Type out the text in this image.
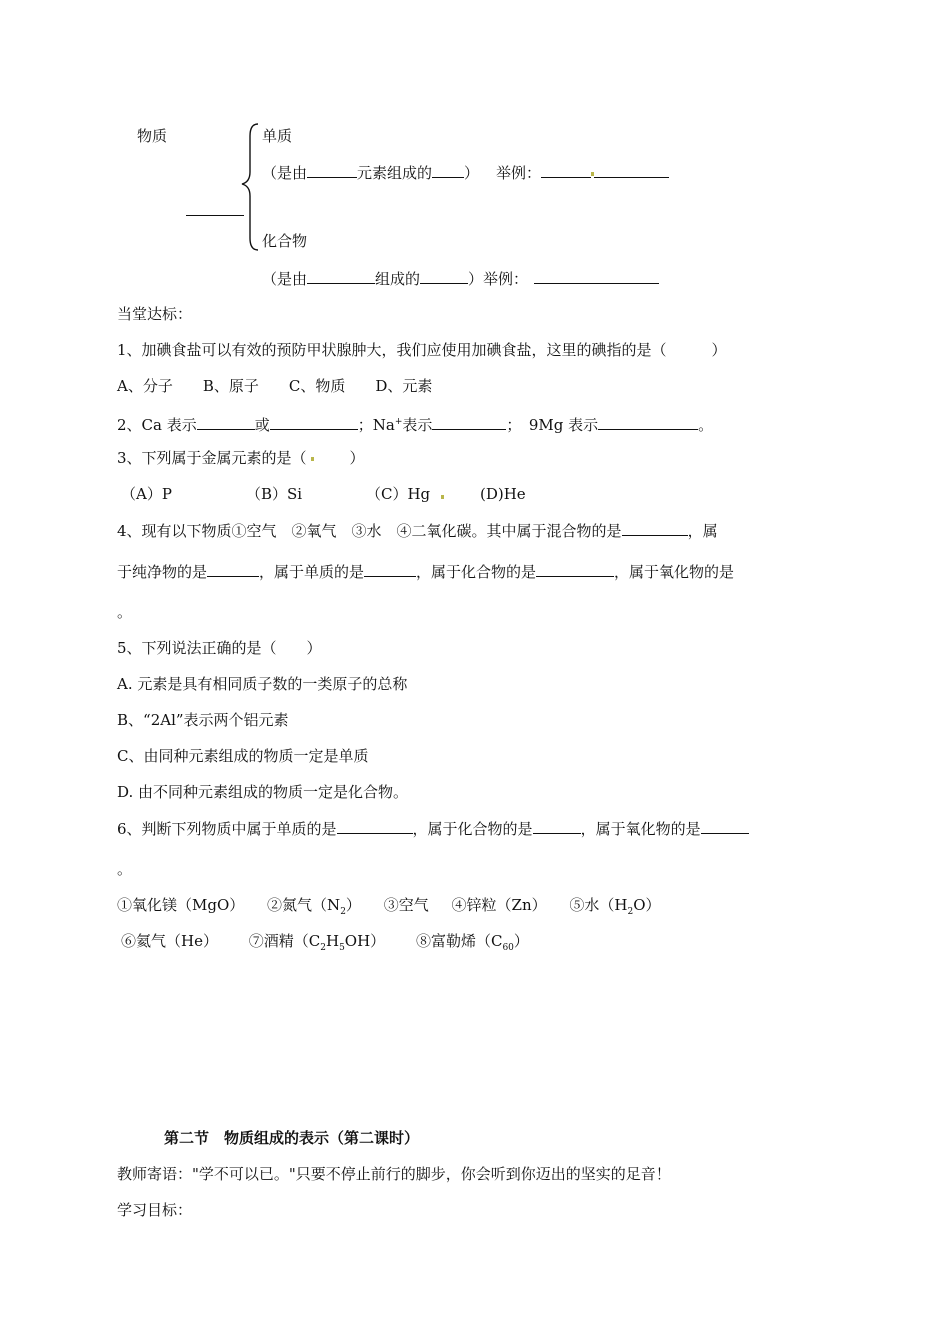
物质	单质
（是由	元素组成的 ） 举例：
化合物
（是由	组成的	）举例：
当堂达标：
1、加碘食盐可以有效的预防甲状腺肿大，我们应使用加碘食盐，这里的碘指的是（　　　）
A、分子　　B、原子　　C、物质　　D、元素
2、Ca 表示	或	；Na+表示	；　9Mg 表示	。
3、下列属于金属元素的是（	）
（A）P	（B）Si	（C）Hg	(D)He
4、现有以下物质①空气　②氧气　③水　④二氧化碳。其中属于混合物的是	，属
于纯净物的是	，属于单质的是	，属于化合物的是	，属于氧化物的是
。
5、下列说法正确的是（　　）
A. 元素是具有相同质子数的一类原子的总称
B、“2Al”表示两个铝元素
C、由同种元素组成的物质一定是单质
D. 由不同种元素组成的物质一定是化合物。
6、判断下列物质中属于单质的是	，属于化合物的是	，属于氧化物的是
。
①氧化镁（MgO） ②氮气$(N_2)$ ③空气 ④锌粒（Zn） ⑤水$(H_2O)$
⑥氦气（He） ⑦酒精$(C_2H_5OH)$ ⑧富勒烯$(C_{60})$
第二节　物质组成的表示（第二课时）
教师寄语："学不可以已。"只要不停止前行的脚步，你会听到你迈出的坚实的足音！
学习目标：
